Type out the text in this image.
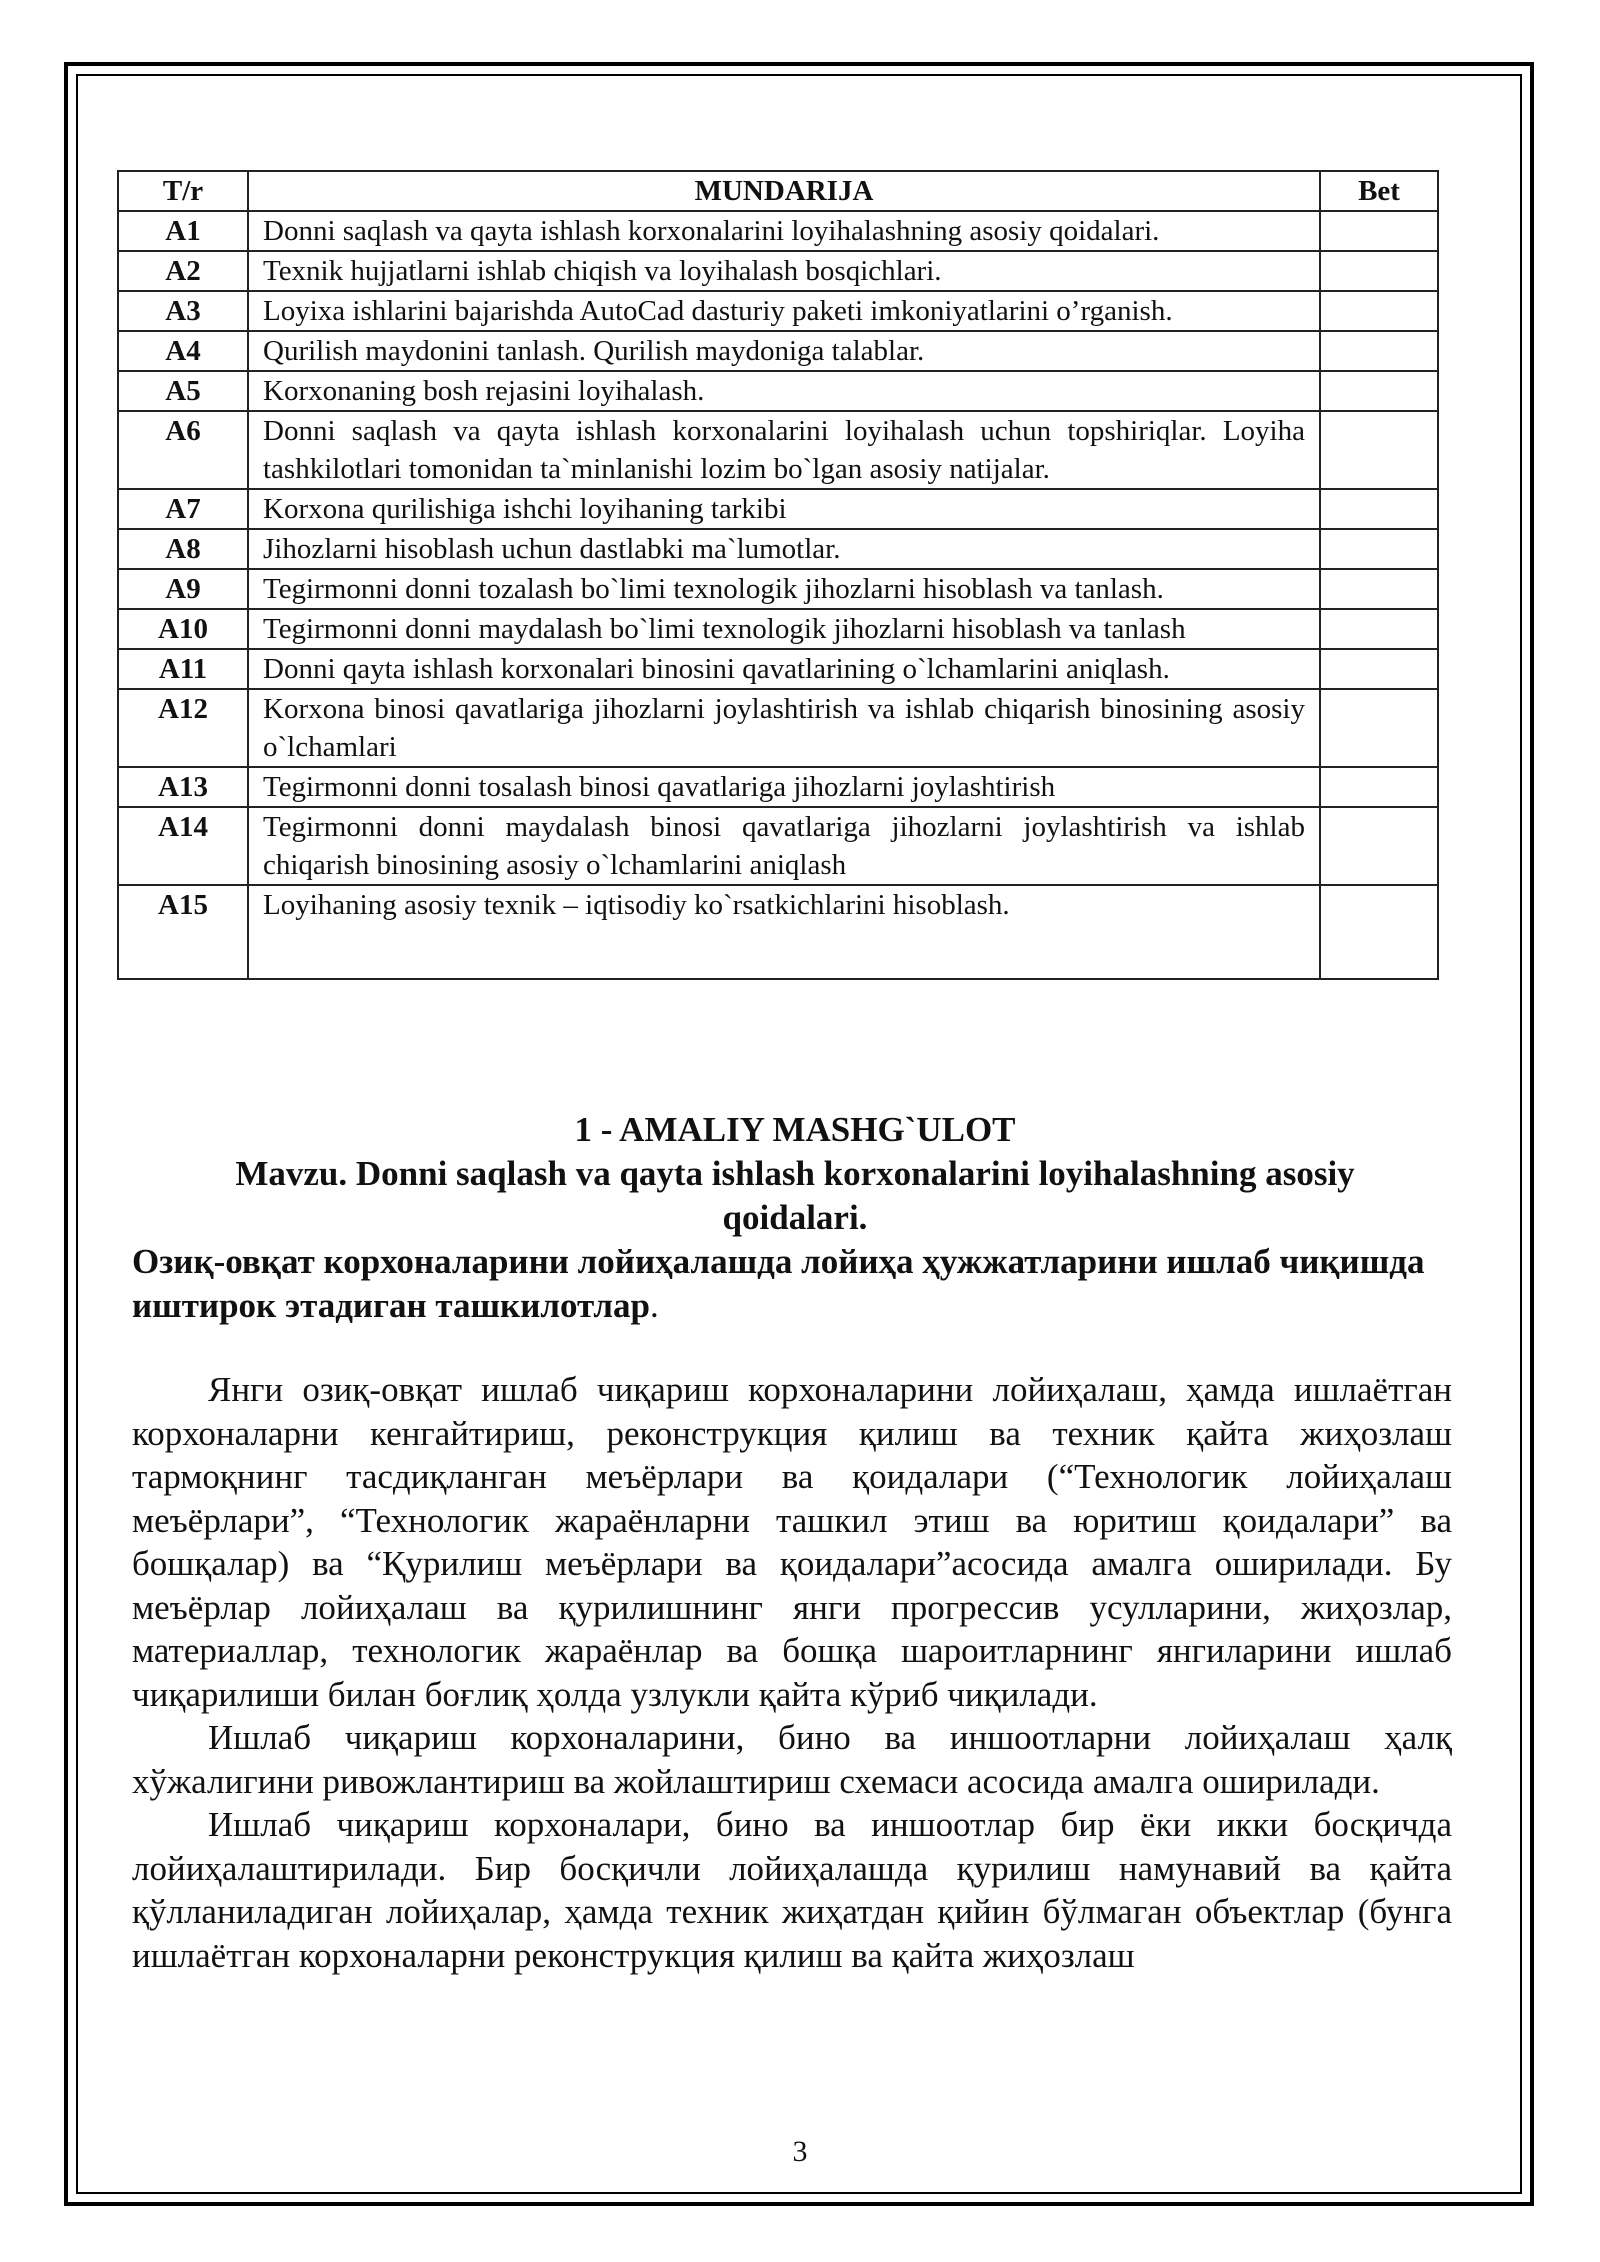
T/r	MUNDARIJA	Bet
A1	Donni saqlash va qayta ishlash korxonalarini loyihalashning asosiy qoidalari.	
A2	Texnik hujjatlarni ishlab chiqish va loyihalash bosqichlari.	
A3	Loyixa ishlarini bajarishda AutoCad dasturiy paketi imkoniyatlarini o’rganish.	
A4	Qurilish maydonini tanlash. Qurilish maydoniga talablar.	
A5	Korxonaning bosh rejasini loyihalash.	
A6	Donni saqlash va qayta ishlash korxonalarini loyihalash uchun topshiriqlar. Loyiha tashkilotlari tomonidan ta`minlanishi lozim bo`lgan asosiy natijalar.	
A7	Korxona qurilishiga ishchi loyihaning tarkibi	
A8	Jihozlarni hisoblash uchun dastlabki ma`lumotlar.	
A9	Tegirmonni donni tozalash bo`limi texnologik jihozlarni hisoblash va tanlash.	
A10	Tegirmonni donni maydalash bo`limi texnologik jihozlarni hisoblash va tanlash	
A11	Donni qayta ishlash korxonalari binosini qavatlarining o`lchamlarini aniqlash.	
A12	Korxona binosi qavatlariga jihozlarni joylashtirish va ishlab chiqarish binosining asosiy o`lchamlari	
A13	Tegirmonni donni tosalash binosi qavatlariga jihozlarni joylashtirish	
A14	Tegirmonni donni maydalash binosi qavatlariga jihozlarni joylashtirish va ishlab chiqarish binosining asosiy o`lchamlarini aniqlash	
A15	Loyihaning asosiy texnik – iqtisodiy ko`rsatkichlarini hisoblash.	
1 - AMALIY MASHG`ULOT
Mavzu. Donni saqlash va qayta ishlash korxonalarini loyihalashning asosiy
qoidalari.
Озиқ-овқат корхоналарини лойиҳалашда лойиҳа ҳужжатларини ишлаб чиқишда иштирок этадиган ташкилотлар.

Янги озиқ-овқат ишлаб чиқариш корхоналарини лойиҳалаш, ҳамда ишлаётган корхоналарни кенгайтириш, реконструкция қилиш ва техник қайта жиҳозлаш тармоқнинг тасдиқланган меъёрлари ва қоидалари (“Технологик лойиҳалаш меъёрлари”, “Технологик жараёнларни ташкил этиш ва юритиш қоидалари” ва бошқалар) ва “Қурилиш меъёрлари ва қоидалари”асосида амалга оширилади. Бу меъёрлар лойиҳалаш ва қурилишнинг янги прогрессив усулларини, жиҳозлар, материаллар, технологик жараёнлар ва бошқа шароитларнинг янгиларини ишлаб чиқарилиши билан боғлиқ ҳолда узлукли қайта кўриб чиқилади.

Ишлаб чиқариш корхоналарини, бино ва иншоотларни лойиҳалаш ҳалқ хўжалигини ривожлантириш ва жойлаштириш схемаси асосида амалга оширилади.

Ишлаб чиқариш корхоналари, бино ва иншоотлар бир ёки икки босқичда лойиҳалаштирилади. Бир босқичли лойиҳалашда қурилиш намунавий ва қайта қўлланиладиган лойиҳалар, ҳамда техник жиҳатдан қийин бўлмаган объектлар (бунга ишлаётган корхоналарни реконструкция қилиш ва қайта жиҳозлаш

3
